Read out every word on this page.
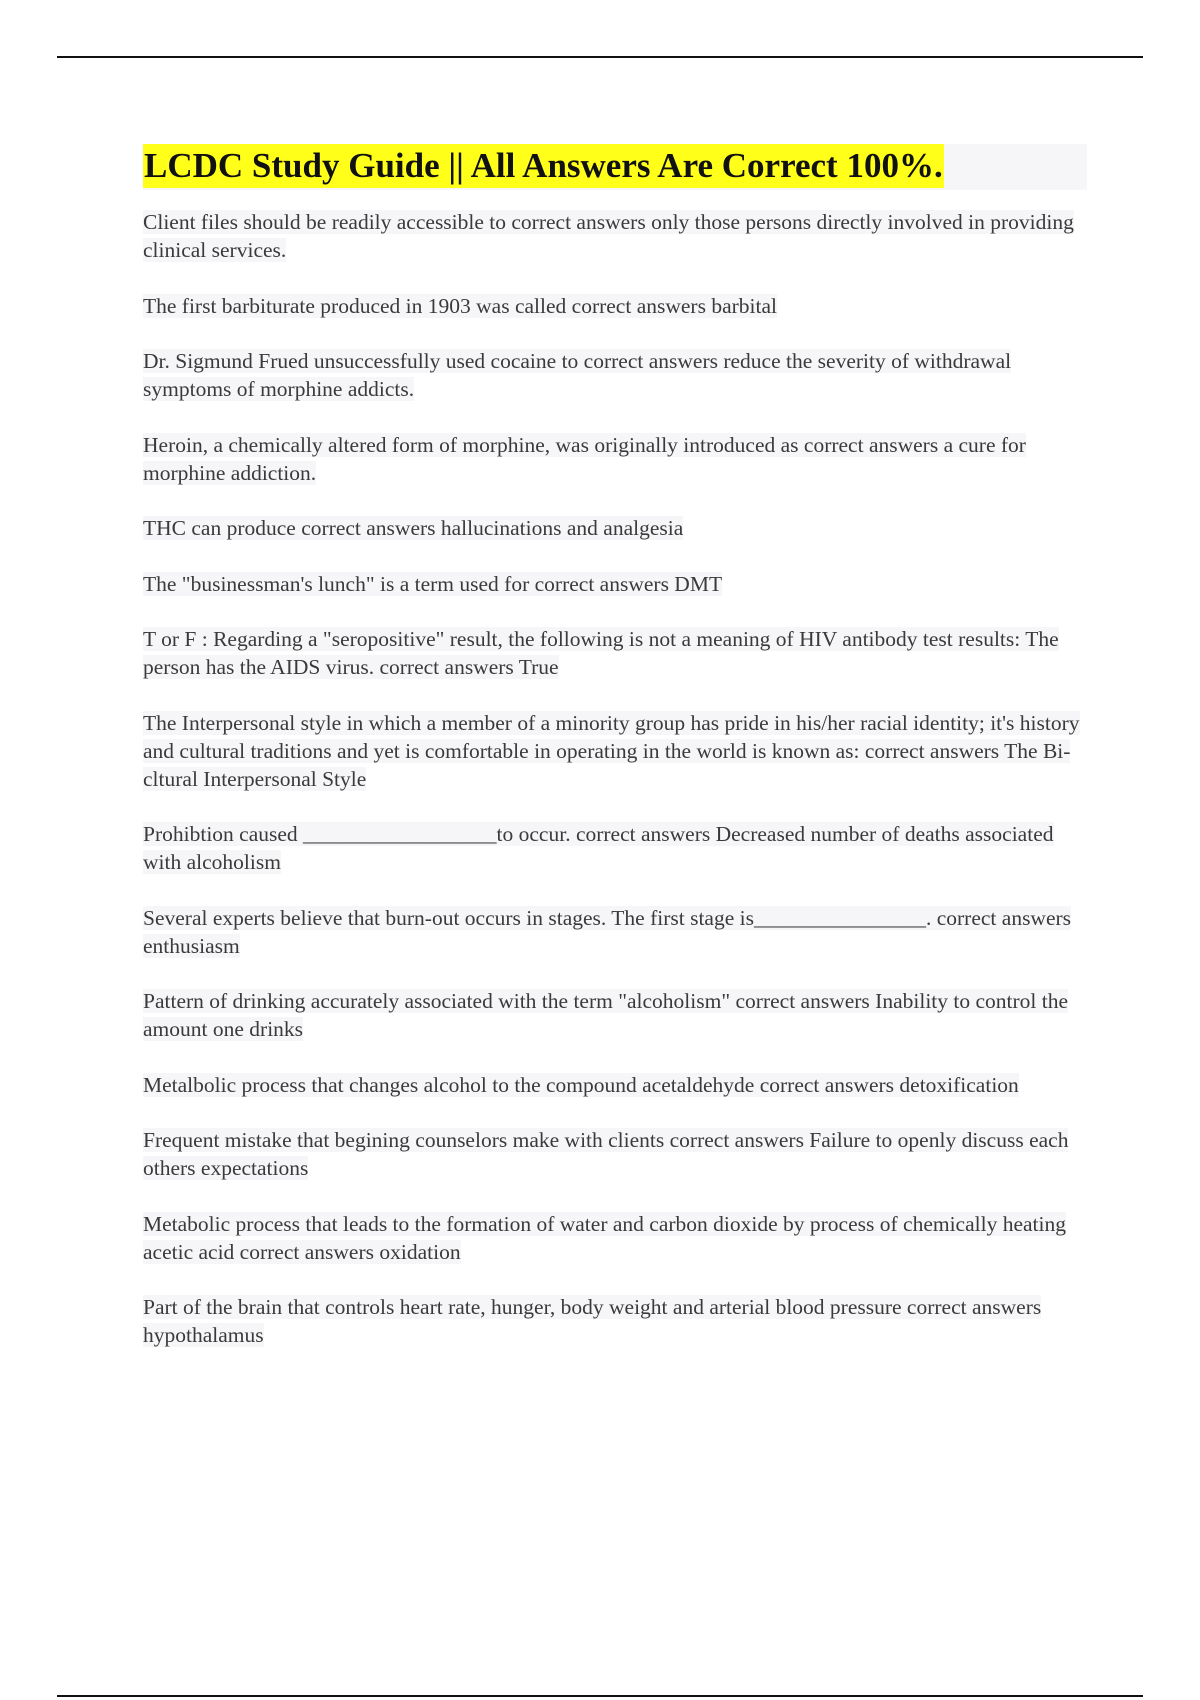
LCDC Study Guide || All Answers Are Correct 100%.

Client files should be readily accessible to correct answers only those persons directly involved in providing clinical services.

The first barbiturate produced in 1903 was called correct answers barbital

Dr. Sigmund Frued unsuccessfully used cocaine to correct answers reduce the severity of withdrawal symptoms of morphine addicts.

Heroin, a chemically altered form of morphine, was originally introduced as correct answers a cure for morphine addiction.

THC can produce correct answers hallucinations and analgesia

The "businessman's lunch" is a term used for correct answers DMT

T or F : Regarding a "seropositive" result, the following is not a meaning of HIV antibody test results: The person has the AIDS virus. correct answers True

The Interpersonal style in which a member of a minority group has pride in his/her racial identity; it's history and cultural traditions and yet is comfortable in operating in the world is known as: correct answers The Bi-cltural Interpersonal Style

Prohibtion caused __________________to occur. correct answers Decreased number of deaths associated with alcoholism

Several experts believe that burn-out occurs in stages. The first stage is________________. correct answers enthusiasm

Pattern of drinking accurately associated with the term "alcoholism" correct answers Inability to control the amount one drinks

Metalbolic process that changes alcohol to the compound acetaldehyde correct answers detoxification

Frequent mistake that begining counselors make with clients correct answers Failure to openly discuss each others expectations

Metabolic process that leads to the formation of water and carbon dioxide by process of chemically heating acetic acid correct answers oxidation

Part of the brain that controls heart rate, hunger, body weight and arterial blood pressure correct answers hypothalamus
